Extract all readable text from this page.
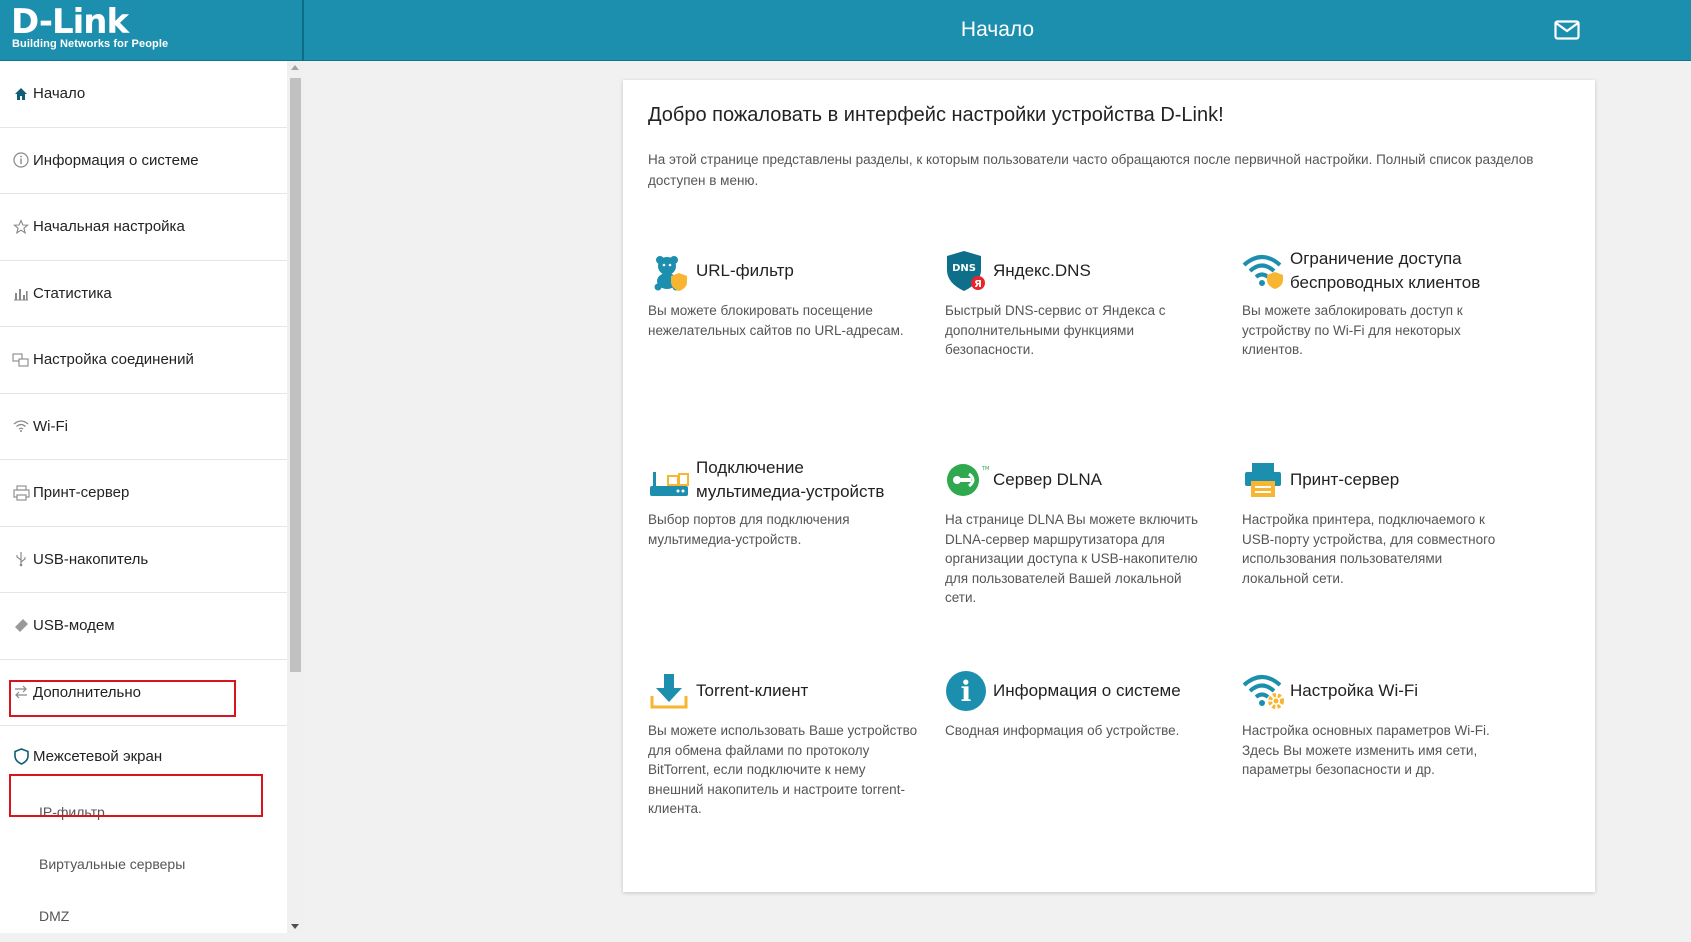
D-Link
Building Networks for People
Начало
Начало
Информация о системе
Начальная настройка
Статистика
Настройка соединений
Wi-Fi
Принт-сервер
USB-накопитель
USB-модем
Дополнительно
Межсетевой экран
IP-фильтр
Виртуальные серверы
DMZ
Добро пожаловать в интерфейс настройки устройства D-Link!
На этой странице представлены разделы, к которым пользователи часто обращаются после первичной настройки. Полный список разделов доступен в меню.
URL-фильтр
Вы можете блокировать посещение нежелательных сайтов по URL-адресам.
DNS
Я
Яндекс.DNS
Быстрый DNS-сервис от Яндекса с дополнительными функциями безопасности.
Ограничение доступа беспроводных клиентов
Вы можете заблокировать доступ к устройству по Wi-Fi для некоторых клиентов.
Подключение мультимедиа-устройств
Выбор портов для подключения мультимедиа-устройств.
TM
Сервер DLNA
На странице DLNA Вы можете включить DLNA-сервер маршрутизатора для организации доступа к USB-накопителю для пользователей Вашей локальной сети.
Принт-сервер
Настройка принтера, подключаемого к USB-порту устройства, для совместного использования пользователями локальной сети.
Torrent-клиент
Вы можете использовать Ваше устройство для обмена файлами по протоколу BitTorrent, если подключите к нему внешний накопитель и настроите torrent-клиента.
i Информация о системе
Сводная информация об устройстве.
Настройка Wi-Fi
Настройка основных параметров Wi-Fi. Здесь Вы можете изменить имя сети, параметры безопасности и др.
